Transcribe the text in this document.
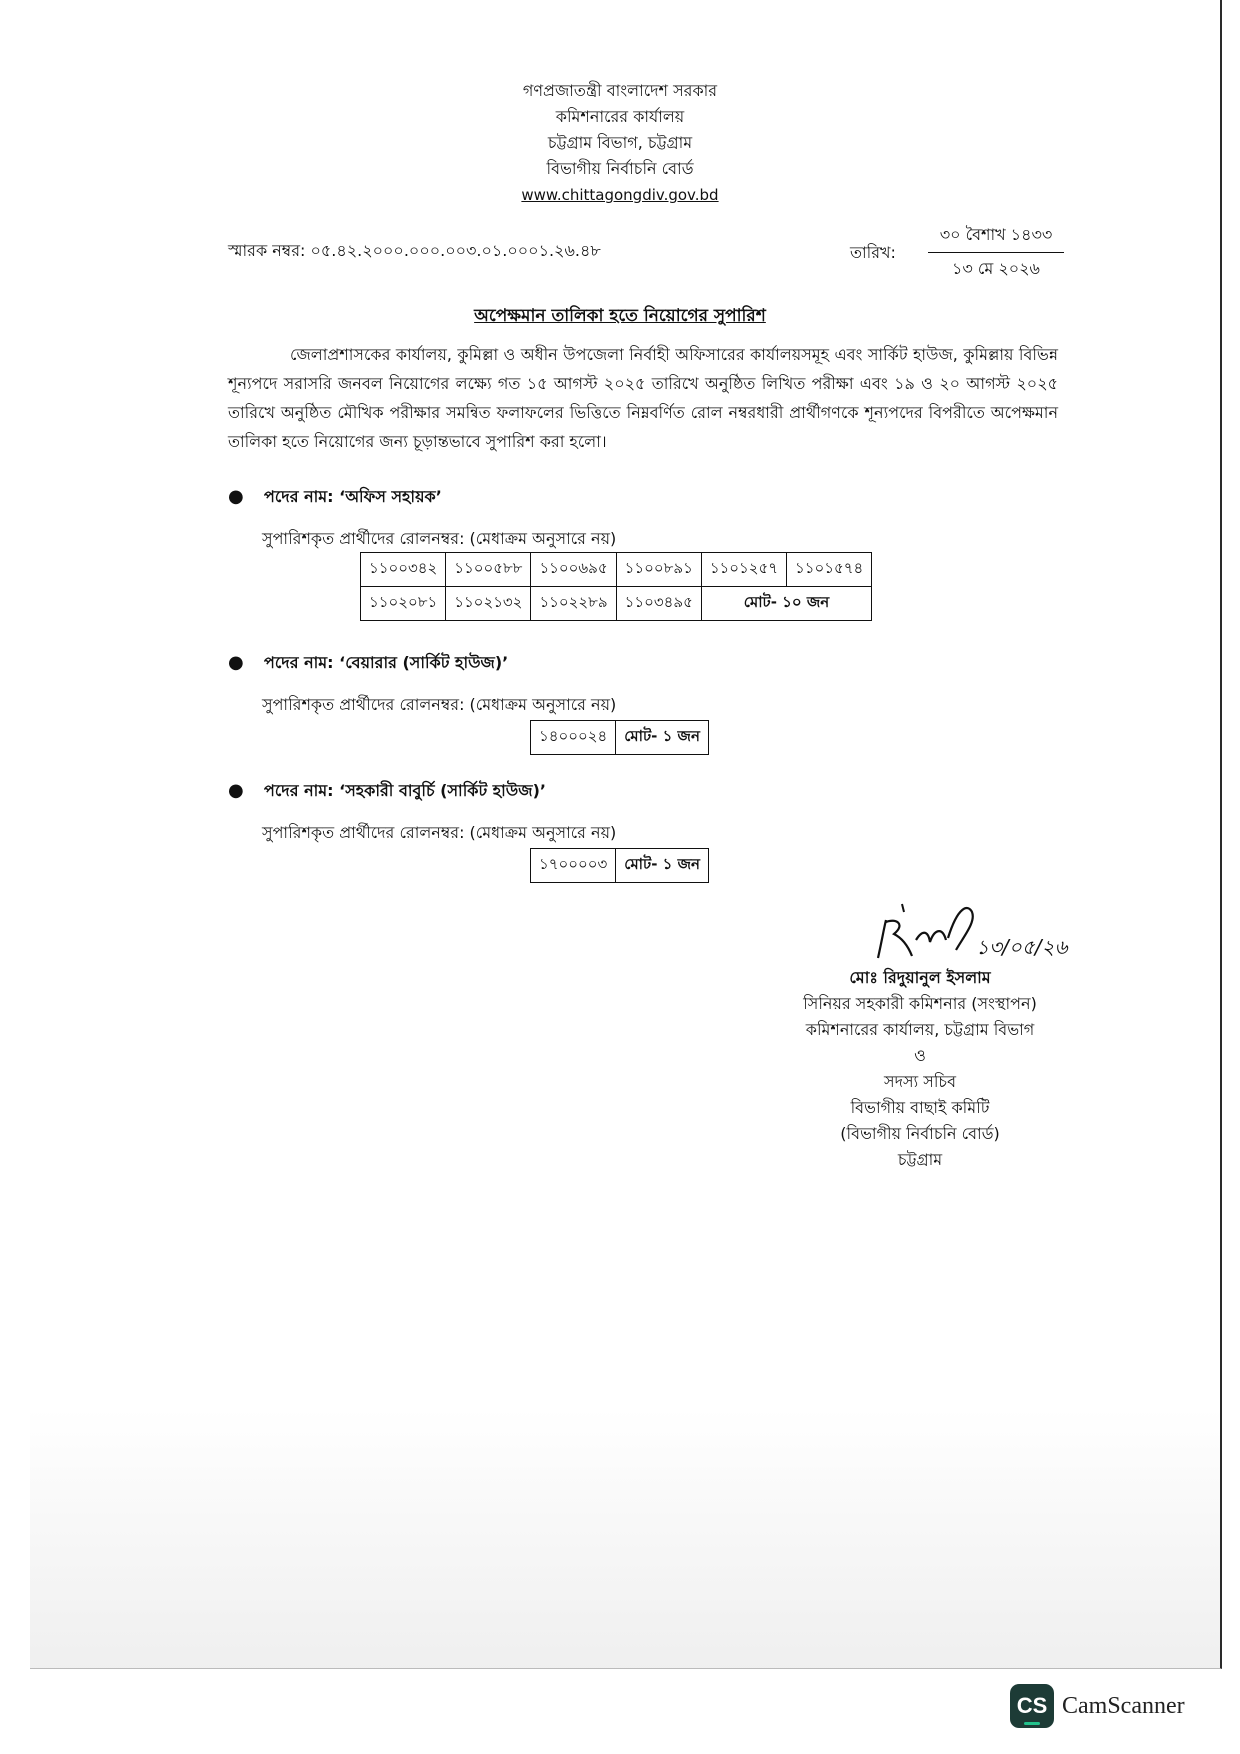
গণপ্রজাতন্ত্রী বাংলাদেশ সরকার
কমিশনারের কার্যালয়
চট্টগ্রাম বিভাগ, চট্টগ্রাম
বিভাগীয় নির্বাচনি বোর্ড
www.chittagongdiv.gov.bd
স্মারক নম্বর: ০৫.৪২.২০০০.০০০.০০৩.০১.০০০১.২৬.৪৮	তারিখ:
৩০ বৈশাখ ১৪৩৩
১৩ মে ২০২৬
অপেক্ষমান তালিকা হতে নিয়োগের সুপারিশ
জেলাপ্রশাসকের কার্যালয়, কুমিল্লা ও অধীন উপজেলা নির্বাহী অফিসারের কার্যালয়সমূহ এবং সার্কিট হাউজ, কুমিল্লায় বিভিন্ন শূন্যপদে সরাসরি জনবল নিয়োগের লক্ষ্যে গত ১৫ আগস্ট ২০২৫ তারিখে অনুষ্ঠিত লিখিত পরীক্ষা এবং ১৯ ও ২০ আগস্ট ২০২৫ তারিখে অনুষ্ঠিত মৌখিক পরীক্ষার সমন্বিত ফলাফলের ভিত্তিতে নিম্নবর্ণিত রোল নম্বরধারী প্রার্থীগণকে শূন্যপদের বিপরীতে অপেক্ষমান তালিকা হতে নিয়োগের জন্য চূড়ান্তভাবে সুপারিশ করা হলো।
● পদের নাম: ‘অফিস সহায়ক’
সুপারিশকৃত প্রার্থীদের রোলনম্বর: (মেধাক্রম অনুসারে নয়)
১১০০৩৪২	১১০০৫৮৮	১১০০৬৯৫	১১০০৮৯১	১১০১২৫৭	১১০১৫৭৪
১১০২০৮১	১১০২১৩২	১১০২২৮৯	১১০৩৪৯৫	মোট- ১০ জন	
● পদের নাম: ‘বেয়ারার (সার্কিট হাউজ)’
সুপারিশকৃত প্রার্থীদের রোলনম্বর: (মেধাক্রম অনুসারে নয়)
১৪০০০২৪	মোট- ১ জন
● পদের নাম: ‘সহকারী বাবুর্চি (সার্কিট হাউজ)’
সুপারিশকৃত প্রার্থীদের রোলনম্বর: (মেধাক্রম অনুসারে নয়)
১৭০০০০৩	মোট- ১ জন
১৩/০৫/২৬
মোঃ রিদুয়ানুল ইসলাম
সিনিয়র সহকারী কমিশনার (সংস্থাপন)
কমিশনারের কার্যালয়, চট্টগ্রাম বিভাগ
ও
সদস্য সচিব
বিভাগীয় বাছাই কমিটি
(বিভাগীয় নির্বাচনি বোর্ড)
চট্টগ্রাম
CS CamScanner
